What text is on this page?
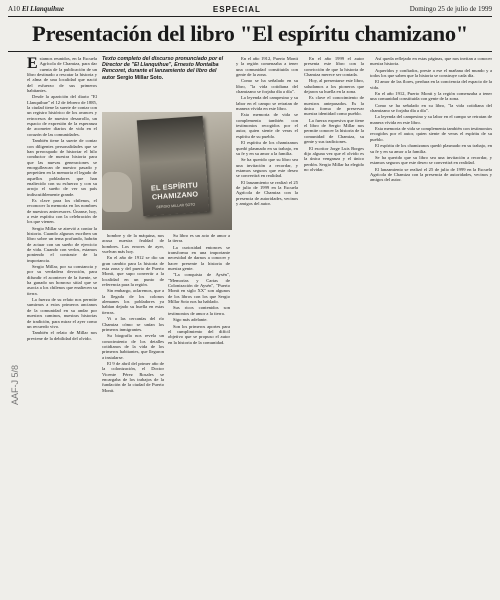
A10 El Llanquihue	ESPECIAL	Domingo 25 de julio de 1999
Presentación del libro "El espíritu chamizano"

Estamos reunidos, en la Escuela Agrícola de Chamiza, para dar cuenta de la publicación de un libro destinado a rescatar la historia y el alma de una localidad que nació del esfuerzo de sus primeros habitantes.

Desde la aparición del diario "El Llanquihue" el 12 de febrero de 1885, la ciudad tiene la suerte de contar con un registro histórico de los avances y retrocesos de nuestro desarrollo, un espacio de expresión de la esperanza de acometer diarios de vida en el corazón de las comunidades.

También tiene la suerte de contar con diligentes personalidades que se han preocupado de historiar el hilo conductor de nuestra historia para que las nuevas generaciones se enorgullezcan de nuestro pasado y perpetúen en la memoria el legado de aquellos pobladores que han enaltecido con su esfuerzo y con su arrojo el sueño de ver un país indiscutiblemente grande.

Es clave para los chilenos, el reconocer la memoria en los nombres de nuestros antecesores. Únanse, hoy, a este espíritu con la celebración de los que vienen.

Sergio Millar se atrevió a contar la historia. Cuando algunos escriben un libro sobre un tema profundo, habrán de actuar con un sueño de ejercicio de vida. Cuando con verlos, estamos poniendo el contraste de la importancia.

Sergio Millar, por su constancia y por su verdadera devoción, para difundir el acontecer de la fuente, se ha ganado un honroso sitial que se asocia a los chilenos que enaltecen su tierra.

La fuerza de su relato nos permite sumirnos a estos primeros ancianos de la comunidad en su andar por nuestros caminos, nuestras historias de tradición, para mirar el ayer como un recuerdo vivo.

También el relato de Millar nos previene de la debilidad del olvido.

Texto completo del discurso pronunciado por el Director de "El Llanquihue", Ernesto Montalba Rencoret, durante el lanzamiento del libro del autor Sergio Millar Soto.
EL ESPÍRITU CHAMIZANO
SERGIO MILLAR SOTO

hombre y de la máquina, nos acusa nuestra fealdad de hombres. Los errores de ayer, vuelvan más hoy.

En el año de 1912 se dio un gran cambio para la historia de esta zona y del puerto de Puerto Montt, que supo convertir a la localidad en un punto de referencia para la región.

Sin embargo, aclaremos, que a la llegada de los colonos alemanes los pobladores ya habían dejado su huella en estas tierras.

Vi a las cercanías del río Chamiza cómo se unían los primeros inmigrantes.

Su biografía nos revela un conocimiento de los detalles cotidianos de la vida de los primeros habitantes, que llegaron a instalarse.

El 9 de abril del primer año de la colonización, el Doctor Vicente Pérez Rosales se encargaba de los trabajos de la fundación de la ciudad de Puerto Montt.

Su libro es un acto de amor a la tierra.

La curiosidad entonces se transforma en una importante necesidad de darnos a conocer y hacer presente la historia de nuestra gente.

"La conquista de Aysén", "Memorias y Cartas de Colonización de Aysén", "Puerto Montt en siglo XX" son algunos de los libros con los que Sergio Millar Soto nos ha hablado.

Sus ricos contenidos son testimonios de amor a la tierra.

Sigo más adelante.

Son los primeros aportes para el cumplimiento del difícil objetivo que se propuso el autor en la historia de la comunidad.

En el año 1912, Puerto Montt y la región comenzaba a tener una comunidad constituida con gente de la zona.

Como se ha señalado en su libro, "la vida cotidiana del chamizano se forjaba día a día".

La leyenda del campesino y su labor en el campo se retratan de manera vívida en este libro.

Esta memoria de vida se complementa también con testimonios recogidos por el autor, quien siente de veras el espíritu de su pueblo.

El espíritu de los chamizanos quedó plasmado en su trabajo, en su fe y en su amor a la familia.

Se ha querido que su libro sea una invitación a recordar, y estamos seguros que este deseo se convertirá en realidad.

El lanzamiento se realizó el 25 de julio de 1999 en la Escuela Agrícola de Chamiza con la presencia de autoridades, vecinos y amigos del autor.

En el año 1999 el autor presenta este libro con la convicción de que la historia de Chamiza merece ser contada.

Hoy, al presentarse este libro, saludamos a los pioneros que dejaron su huella en la zona.

Es clave el conocimiento de nuestros antepasados. Es la única forma de preservar nuestra identidad como pueblo.

La fuerza expresiva que tiene el libro de Sergio Millar nos permite conocer la historia de la comunidad de Chamiza, su gente y sus tradiciones.

El escritor Jorge Luis Borges dijo alguna vez que el olvido es la única venganza y el único perdón. Sergio Millar ha elegido no olvidar.

Así queda reflejado en estas páginas, que nos invitan a conocer nuestra historia.

Aquerídos y confiados, preste a ese el mañana del mundo y a todos los que saben que la historia se construye cada día.

El amor de las flores, perdura en la conciencia del espacio de la vida.

En el año 1912, Puerto Montt y la región comenzaba a tener una comunidad constituida con gente de la zona.

Como se ha señalado en su libro, "la vida cotidiana del chamizano se forjaba día a día".

La leyenda del campesino y su labor en el campo se retratan de manera vívida en este libro.

Esta memoria de vida se complementa también con testimonios recogidos por el autor, quien siente de veras el espíritu de su pueblo.

El espíritu de los chamizanos quedó plasmado en su trabajo, en su fe y en su amor a la familia.

Se ha querido que su libro sea una invitación a recordar, y estamos seguros que este deseo se convertirá en realidad.

El lanzamiento se realizó el 25 de julio de 1999 en la Escuela Agrícola de Chamiza con la presencia de autoridades, vecinos y amigos del autor.

AAF-J 5/8
